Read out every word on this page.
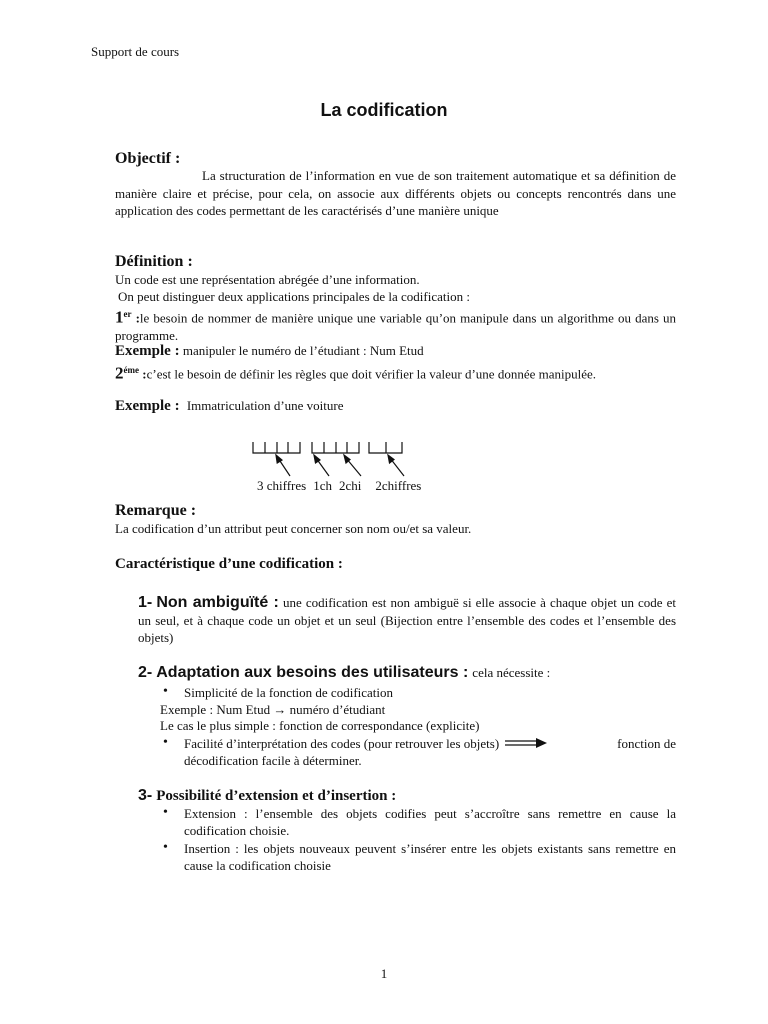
Support de cours
La codification
Objectif :
La structuration de l’information en vue de son traitement automatique et sa définition de manière claire et précise, pour cela, on associe aux différents objets ou concepts rencontrés dans une application des codes permettant de les caractérisés d’une manière unique
Définition :
Un code est une représentation abrégée d’une information.
On peut distinguer deux applications principales de la codification :
1er :le besoin de nommer de manière unique une variable qu’on manipule dans un algorithme ou dans un programme.
Exemple : manipuler le numéro de l’étudiant : Num Etud
$2^{éme}$ :c’est le besoin de définir les règles que doit vérifier la valeur d’une donnée manipulée.
Exemple : Immatriculation d’une voiture
3 chiffres 1ch 2chi 2chiffres
Remarque :
La codification d’un attribut peut concerner son nom ou/et sa valeur.
Caractéristique d’une codification :
1- Non ambiguïté : une codification est non ambiguë si elle associe à chaque objet un code et un seul, et à chaque code un objet et un seul (Bijection entre l’ensemble des codes et l’ensemble des objets)
2- Adaptation aux besoins des utilisateurs : cela nécessite :
• Simplicité de la fonction de codification
Exemple : Num Etud → numéro d’étudiant
Le cas le plus simple : fonction de correspondance (explicite)
• Facilité d’interprétation des codes (pour retrouver les objets)	fonction de
décodification facile à déterminer.
3- Possibilité d’extension et d’insertion :
• Extension : l’ensemble des objets codifies peut s’accroître sans remettre en cause la codification choisie.
• Insertion : les objets nouveaux peuvent s’insérer entre les objets existants sans remettre en cause la codification choisie
1
